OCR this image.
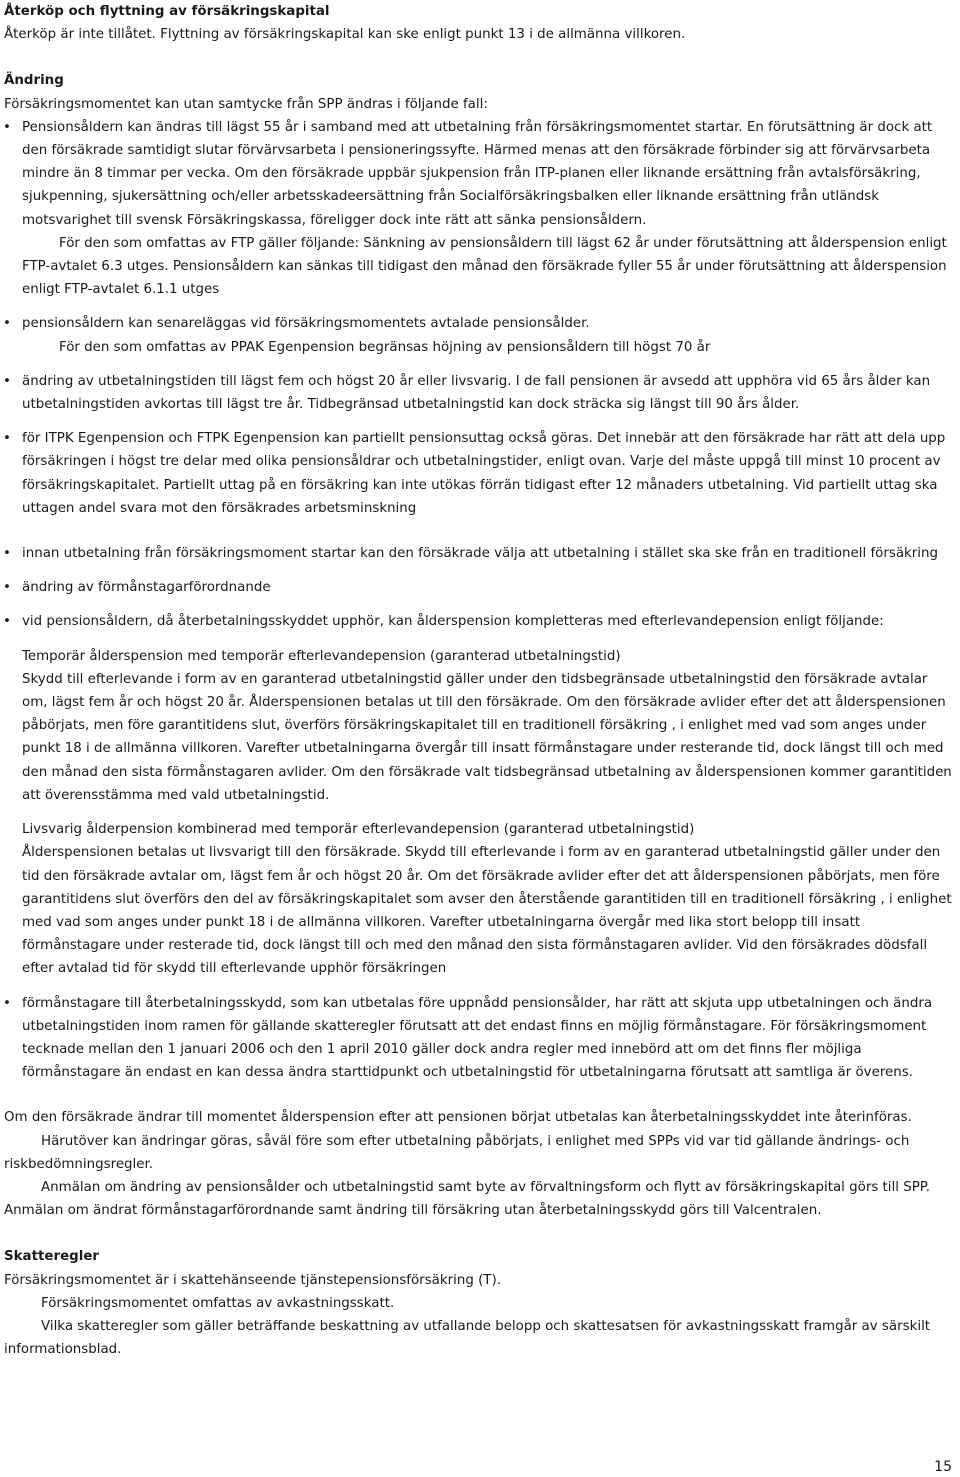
Återköp och flyttning av försäkringskapital

Återköp är inte tillåtet. Flyttning av försäkringskapital kan ske enligt punkt 13 i de allmänna villkoren.

Ändring

Försäkringsmomentet kan utan samtycke från SPP ändras i följande fall:

• Pensionsåldern kan ändras till lägst 55 år i samband med att utbetalning från försäkringsmomentet startar. En förutsättning är dock att den försäkrade samtidigt slutar förvärvsarbeta i pensioneringssyfte. Härmed menas att den försäkrade förbinder sig att förvärvsarbeta mindre än 8 timmar per vecka. Om den försäkrade uppbär sjukpension från ITP-planen eller liknande ersättning från avtalsförsäkring, sjukpenning, sjukersättning och/eller arbetsskadeersättning från Socialförsäkringsbalken eller liknande ersättning från utländsk motsvarighet till svensk Försäkringskassa, föreligger dock inte rätt att sänka pensionsåldern.

För den som omfattas av FTP gäller följande: Sänkning av pensionsåldern till lägst 62 år under förutsättning att ålderspension enligt FTP-avtalet 6.3 utges. Pensionsåldern kan sänkas till tidigast den månad den försäkrade fyller 55 år under förutsättning att ålderspension enligt FTP-avtalet 6.1.1 utges

• pensionsåldern kan senareläggas vid försäkringsmomentets avtalade pensionsålder.

För den som omfattas av PPAK Egenpension begränsas höjning av pensionsåldern till högst 70 år

• ändring av utbetalningstiden till lägst fem och högst 20 år eller livsvarig. I de fall pensionen är avsedd att upphöra vid 65 års ålder kan utbetalningstiden avkortas till lägst tre år. Tidbegränsad utbetalningstid kan dock sträcka sig längst till 90 års ålder.

• för ITPK Egenpension och FTPK Egenpension kan partiellt pensionsuttag också göras. Det innebär att den försäkrade har rätt att dela upp försäkringen i högst tre delar med olika pensionsåldrar och utbetalningstider, enligt ovan. Varje del måste uppgå till minst 10 procent av försäkringskapitalet. Partiellt uttag på en försäkring kan inte utökas förrän tidigast efter 12 månaders utbetalning. Vid partiellt uttag ska uttagen andel svara mot den försäkrades arbetsminskning

• innan utbetalning från försäkringsmoment startar kan den försäkrade välja att utbetalning i stället ska ske från en traditionell försäkring

• ändring av förmånstagarförordnande

• vid pensionsåldern, då återbetalningsskyddet upphör, kan ålderspension kompletteras med efterlevandepension enligt följande:

Temporär ålderspension med temporär efterlevandepension (garanterad utbetalningstid)

Skydd till efterlevande i form av en garanterad utbetalningstid gäller under den tidsbegränsade utbetalningstid den försäkrade avtalar om, lägst fem år och högst 20 år. Ålderspensionen betalas ut till den försäkrade. Om den försäkrade avlider efter det att ålderspensionen påbörjats, men före garantitidens slut, överförs försäkringskapitalet till en traditionell försäkring , i enlighet med vad som anges under punkt 18 i de allmänna villkoren. Varefter utbetalningarna övergår till insatt förmånstagare under resterande tid, dock längst till och med den månad den sista förmånstagaren avlider. Om den försäkrade valt tidsbegränsad utbetalning av ålderspensionen kommer garantitiden att överensstämma med vald utbetalningstid.

Livsvarig ålderpension kombinerad med temporär efterlevandepension (garanterad utbetalningstid)

Ålderspensionen betalas ut livsvarigt till den försäkrade. Skydd till efterlevande i form av en garanterad utbetalningstid gäller under den tid den försäkrade avtalar om, lägst fem år och högst 20 år. Om det försäkrade avlider efter det att ålderspensionen påbörjats, men före garantitidens slut överförs den del av försäkringskapitalet som avser den återstående garantitiden till en traditionell försäkring , i enlighet med vad som anges under punkt 18 i de allmänna villkoren. Varefter utbetalningarna övergår med lika stort belopp till insatt förmånstagare under resterade tid, dock längst till och med den månad den sista förmånstagaren avlider. Vid den försäkrades dödsfall efter avtalad tid för skydd till efterlevande upphör försäkringen

• förmånstagare till återbetalningsskydd, som kan utbetalas före uppnådd pensionsålder, har rätt att skjuta upp utbetalningen och ändra utbetalningstiden inom ramen för gällande skatteregler förutsatt att det endast finns en möjlig förmånstagare. För försäkringsmoment tecknade mellan den 1 januari 2006 och den 1 april 2010 gäller dock andra regler med innebörd att om det finns fler möjliga förmånstagare än endast en kan dessa ändra starttidpunkt och utbetalningstid för utbetalningarna förutsatt att samtliga är överens.

Om den försäkrade ändrar till momentet ålderspension efter att pensionen börjat utbetalas kan återbetalningsskyddet inte återinföras.

Härutöver kan ändringar göras, såväl före som efter utbetalning påbörjats, i enlighet med SPPs vid var tid gällande ändrings- och riskbedömningsregler.

Anmälan om ändring av pensionsålder och utbetalningstid samt byte av förvaltningsform och flytt av försäkringskapital görs till SPP. Anmälan om ändrat förmånstagarförordnande samt ändring till försäkring utan återbetalningsskydd görs till Valcentralen.

Skatteregler

Försäkringsmomentet är i skattehänseende tjänstepensionsförsäkring (T).

Försäkringsmomentet omfattas av avkastningsskatt.

Vilka skatteregler som gäller beträffande beskattning av utfallande belopp och skattesatsen för avkastningsskatt framgår av särskilt informationsblad.

15
